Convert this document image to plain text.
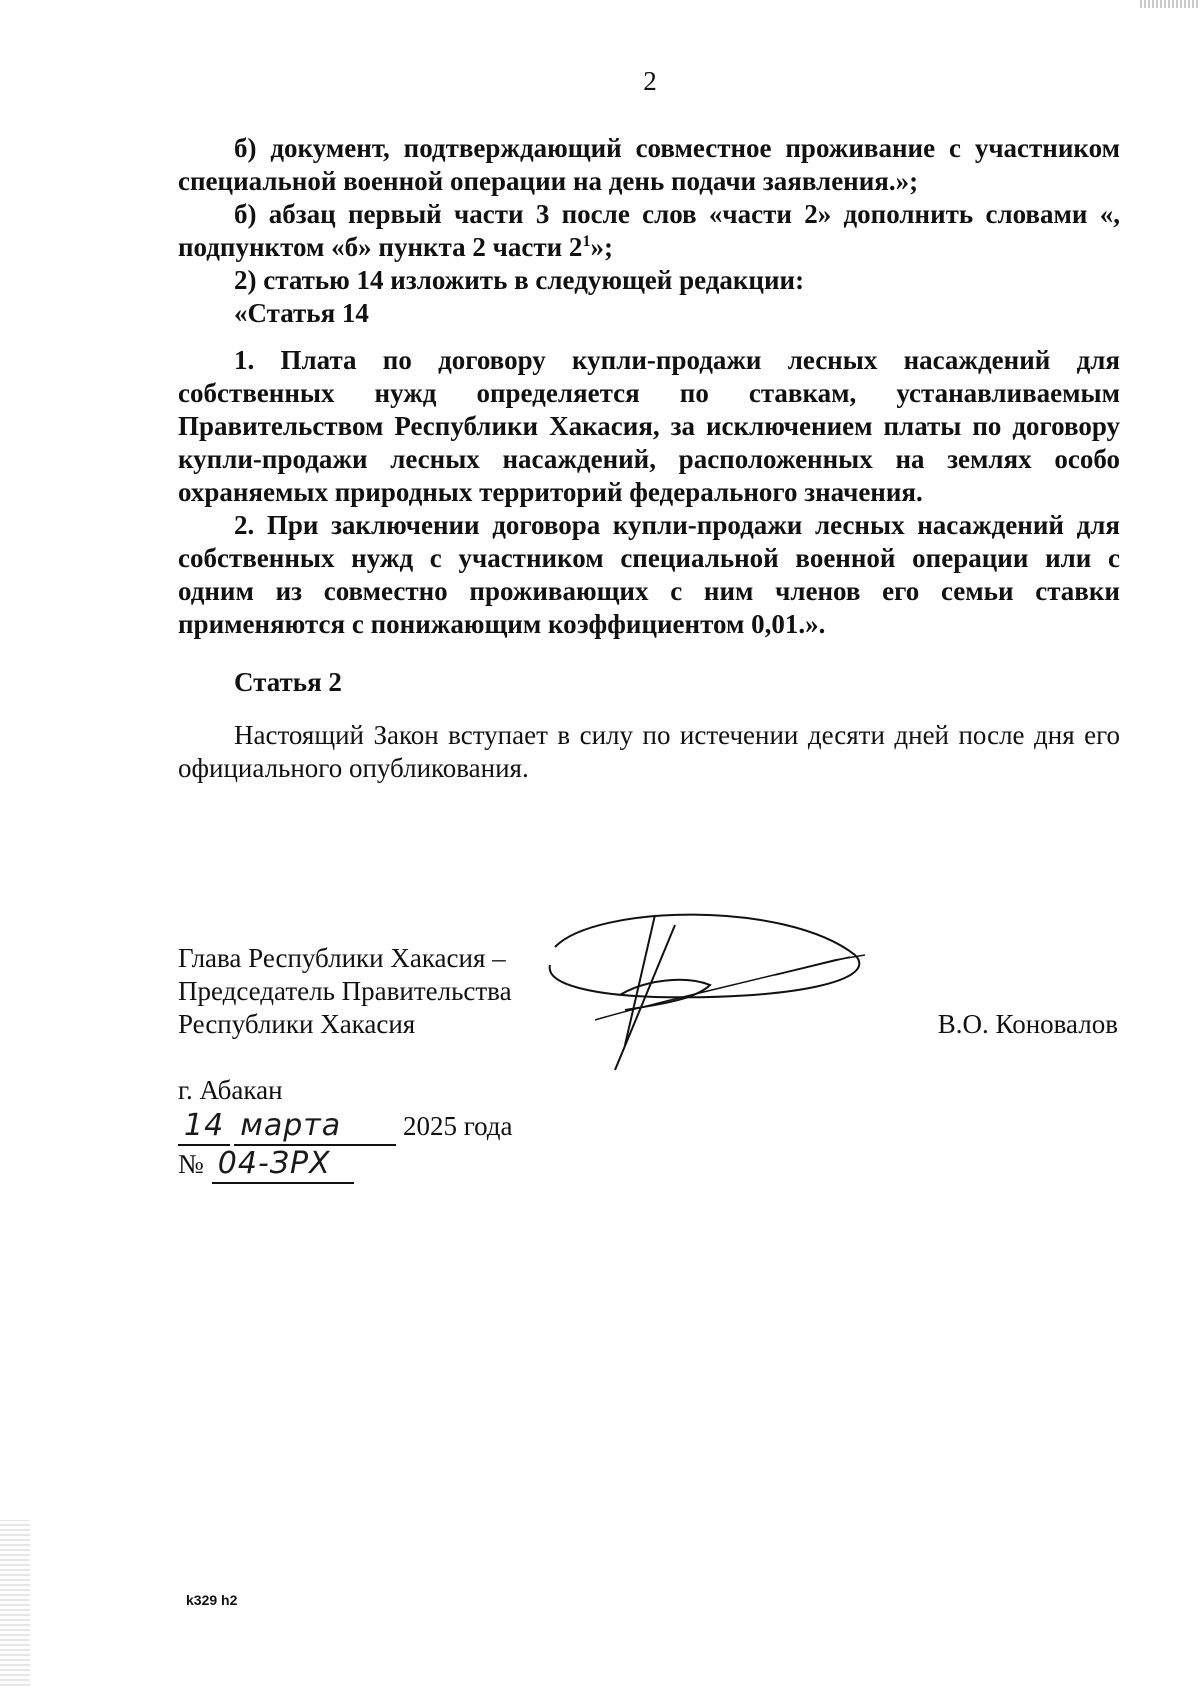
2

б) документ, подтверждающий совместное проживание с участником специальной военной операции на день подачи заявления.»;

б) абзац первый части 3 после слов «части 2» дополнить словами «, подпунктом «б» пункта 2 части $2^1$»;

2) статью 14 изложить в следующей редакции:

«Статья 14

1. Плата по договору купли-продажи лесных насаждений для собственных нужд определяется по ставкам, устанавливаемым Правительством Республики Хакасия, за исключением платы по договору купли-продажи лесных насаждений, расположенных на землях особо охраняемых природных территорий федерального значения.

2. При заключении договора купли-продажи лесных насаждений для собственных нужд с участником специальной военной операции или с одним из совместно проживающих с ним членов его семьи ставки применяются с понижающим коэффициентом 0,01.».

Статья 2

Настоящий Закон вступает в силу по истечении десяти дней после дня его официального опубликования.

Глава Республики Хакасия –
Председатель Правительства
Республики Хакасия	В.О. Коновалов
г. Абакан
14 марта 2025 года
№ 04-ЗРХ
k329 h2
